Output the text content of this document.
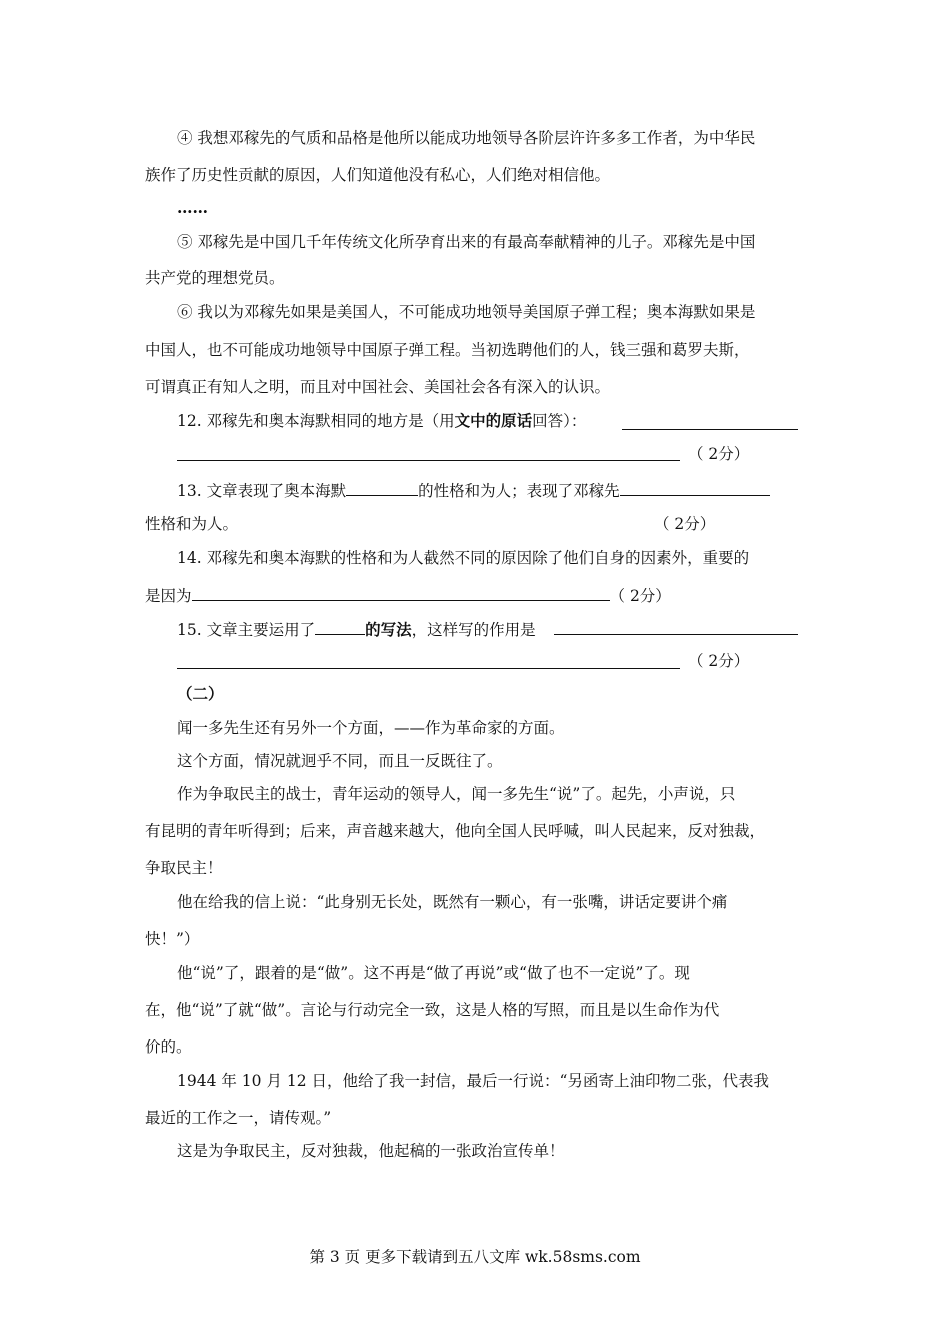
④ 我想邓稼先的气质和品格是他所以能成功地领导各阶层许许多多工作者，为中华民
族作了历史性贡献的原因，人们知道他没有私心，人们绝对相信他。
……
⑤ 邓稼先是中国几千年传统文化所孕育出来的有最高奉献精神的儿子。邓稼先是中国
共产党的理想党员。
⑥ 我以为邓稼先如果是美国人，不可能成功地领导美国原子弹工程；奥本海默如果是
中国人，也不可能成功地领导中国原子弹工程。当初选聘他们的人，钱三强和葛罗夫斯，
可谓真正有知人之明，而且对中国社会、美国社会各有深入的认识。
12. 邓稼先和奥本海默相同的地方是（用文中的原话回答）：
（ 2分）
13. 文章表现了奥本海默	的性格和为人；表现了邓稼先
性格和为人。	（ 2分）
14. 邓稼先和奥本海默的性格和为人截然不同的原因除了他们自身的因素外，重要的
是因为	（ 2分）
15. 文章主要运用了	的写法，这样写的作用是
（ 2分）
（二）
闻一多先生还有另外一个方面，——作为革命家的方面。
这个方面，情况就迥乎不同，而且一反既往了。
作为争取民主的战士，青年运动的领导人，闻一多先生“说”了。起先，小声说，只
有昆明的青年听得到；后来，声音越来越大，他向全国人民呼喊，叫人民起来，反对独裁，
争取民主！
他在给我的信上说：“此身别无长处，既然有一颗心，有一张嘴，讲话定要讲个痛
快！”）
他“说”了，跟着的是“做”。这不再是“做了再说”或“做了也不一定说”了。现
在，他“说”了就“做”。言论与行动完全一致，这是人格的写照，而且是以生命作为代
价的。
1944 年 10 月 12 日，他给了我一封信，最后一行说：“另函寄上油印物二张，代表我
最近的工作之一，请传观。”
这是为争取民主，反对独裁，他起稿的一张政治宣传单！
第 3 页 更多下载请到五八文库 wk.58sms.com
